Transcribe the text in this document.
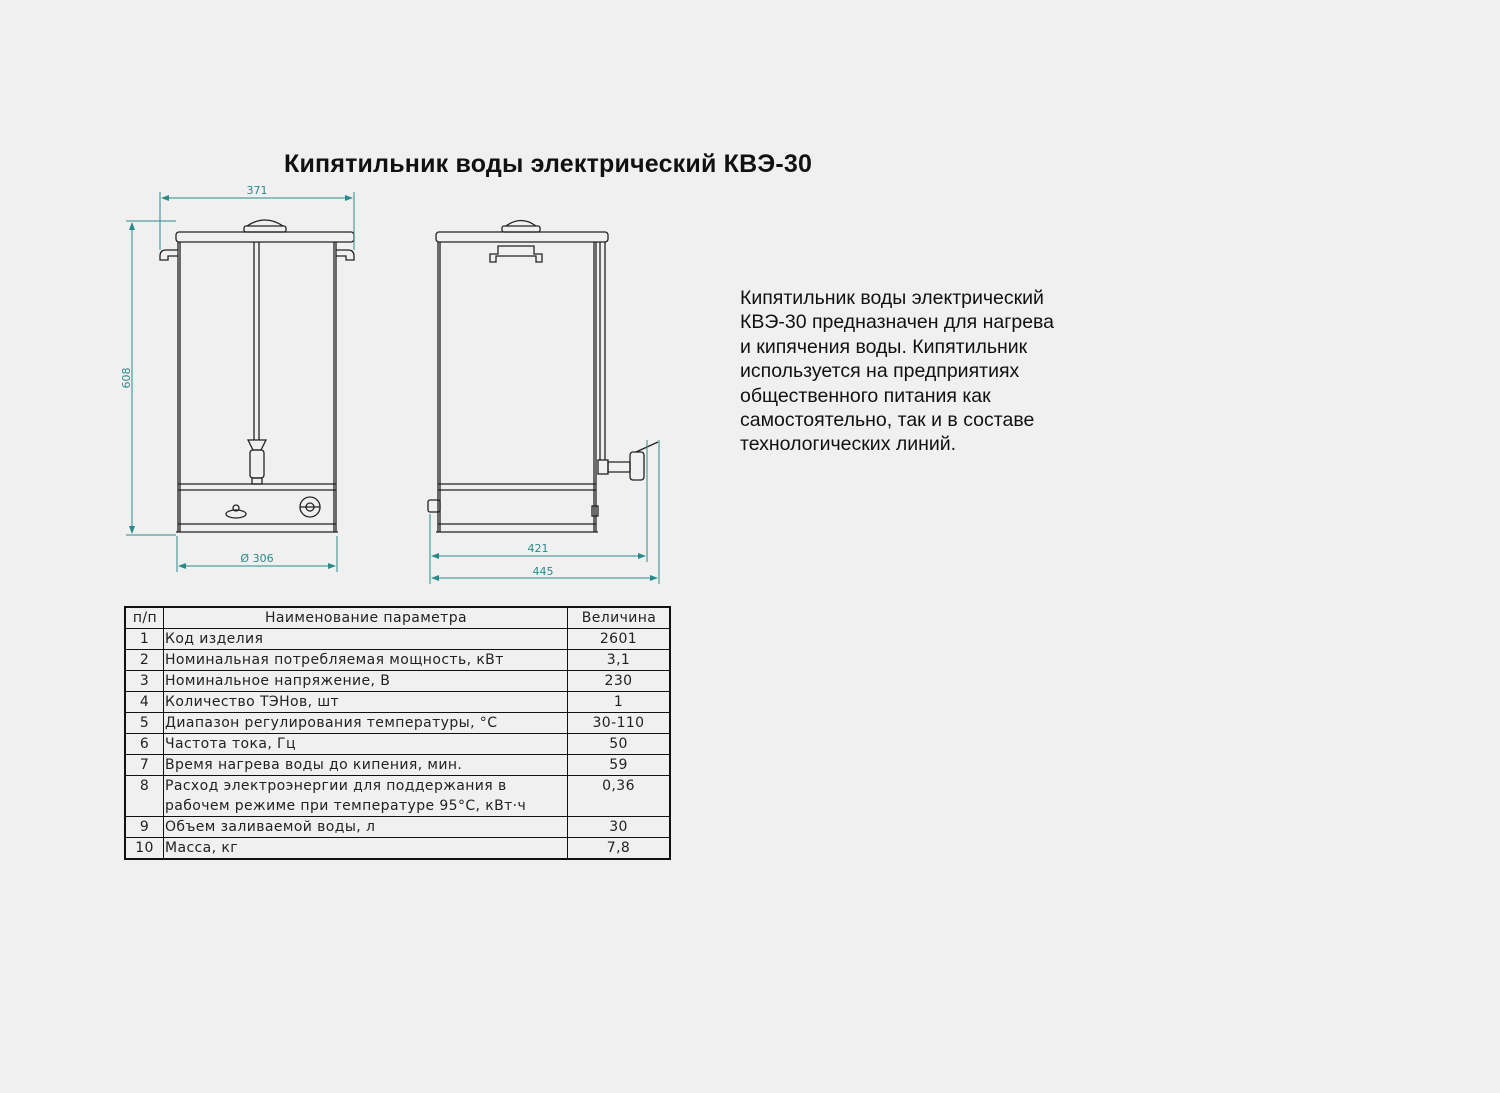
Кипятильник воды электрический КВЭ-30

Кипятильник воды электрический
КВЭ-30 предназначен для нагрева
и кипячения воды. Кипятильник
используется на предприятиях
общественного питания как
самостоятельно, так и в составе
технологических линий.

371
608
Ø 306
421
445
п/п	Наименование параметра	Величина
1	Код изделия	2601
2	Номинальная потребляемая мощность, кВт	3,1
3	Номинальное напряжение, В	230
4	Количество ТЭНов, шт	1
5	Диапазон регулирования температуры, °С	30-110
6	Частота тока, Гц	50
7	Время нагрева воды до кипения, мин.	59
8	Расход электроэнергии для поддержания в
рабочем режиме при температуре 95°С, кВт·ч	0,36
9	Объем заливаемой воды, л	30
10	Масса, кг	7,8
